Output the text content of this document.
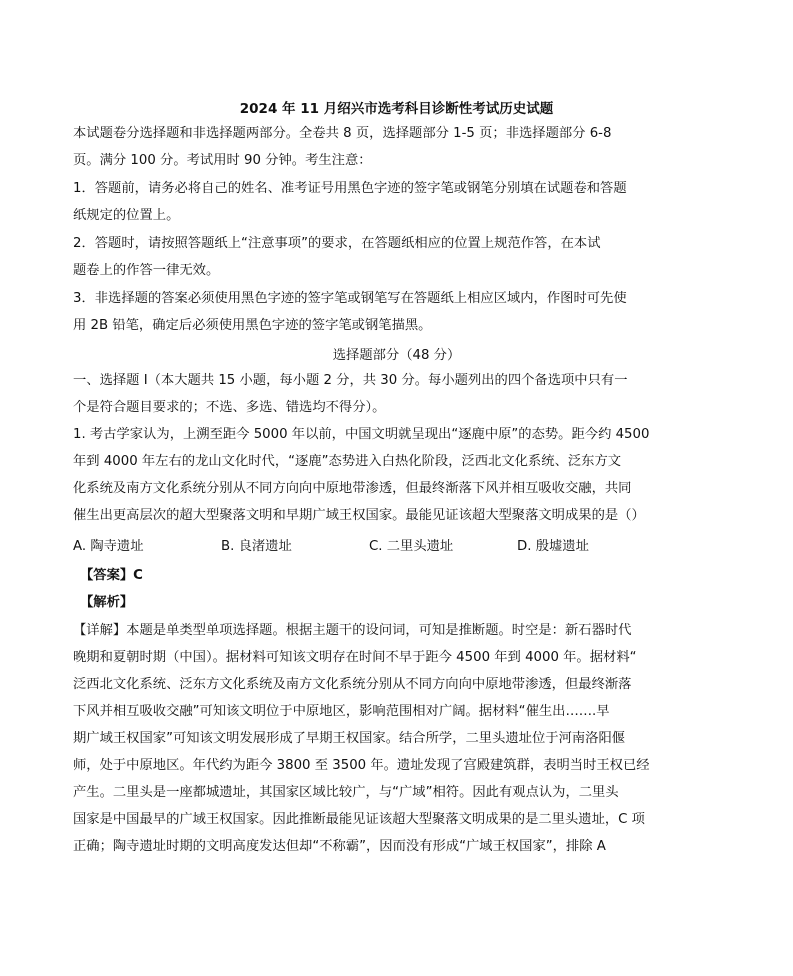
2024 年 11 月绍兴市选考科目诊断性考试历史试题
本试题卷分选择题和非选择题两部分。全卷共 8 页，选择题部分 1-5 页；非选择题部分 6-8
页。满分 100 分。考试用时 90 分钟。考生注意：
1．答题前，请务必将自己的姓名、准考证号用黑色字迹的签字笔或钢笔分别填在试题卷和答题
纸规定的位置上。
2．答题时，请按照答题纸上“注意事项”的要求，在答题纸相应的位置上规范作答，在本试
题卷上的作答一律无效。
3．非选择题的答案必须使用黑色字迹的签字笔或钢笔写在答题纸上相应区域内，作图时可先使
用 2B 铅笔，确定后必须使用黑色字迹的签字笔或钢笔描黑。
选择题部分（48 分）
一、选择题 I（本大题共 15 小题，每小题 2 分，共 30 分。每小题列出的四个备选项中只有一
个是符合题目要求的；不选、多选、错选均不得分）。
1. 考古学家认为，上溯至距今 5000 年以前，中国文明就呈现出“逐鹿中原”的态势。距今约 4500
年到 4000 年左右的龙山文化时代，“逐鹿”态势进入白热化阶段，泛西北文化系统、泛东方文
化系统及南方文化系统分别从不同方向向中原地带渗透，但最终渐落下风并相互吸收交融，共同
催生出更高层次的超大型聚落文明和早期广域王权国家。最能见证该超大型聚落文明成果的是（）
A. 陶寺遗址	B. 良渚遗址	C. 二里头遗址	D. 殷墟遗址
【答案】C
【解析】
【详解】本题是单类型单项选择题。根据主题干的设问词，可知是推断题。时空是：新石器时代
晚期和夏朝时期（中国）。据材料可知该文明存在时间不早于距今 4500 年到 4000 年。据材料“
泛西北文化系统、泛东方文化系统及南方文化系统分别从不同方向向中原地带渗透，但最终渐落
下风并相互吸收交融”可知该文明位于中原地区，影响范围相对广阔。据材料“催生出…….早
期广域王权国家”可知该文明发展形成了早期王权国家。结合所学，二里头遗址位于河南洛阳偃
师，处于中原地区。年代约为距今 3800 至 3500 年。遗址发现了宫殿建筑群，表明当时王权已经
产生。二里头是一座都城遗址，其国家区域比较广，与“广域”相符。因此有观点认为，二里头
国家是中国最早的广域王权国家。因此推断最能见证该超大型聚落文明成果的是二里头遗址，C 项
正确；陶寺遗址时期的文明高度发达但却“不称霸”，因而没有形成“广域王权国家”，排除 A
